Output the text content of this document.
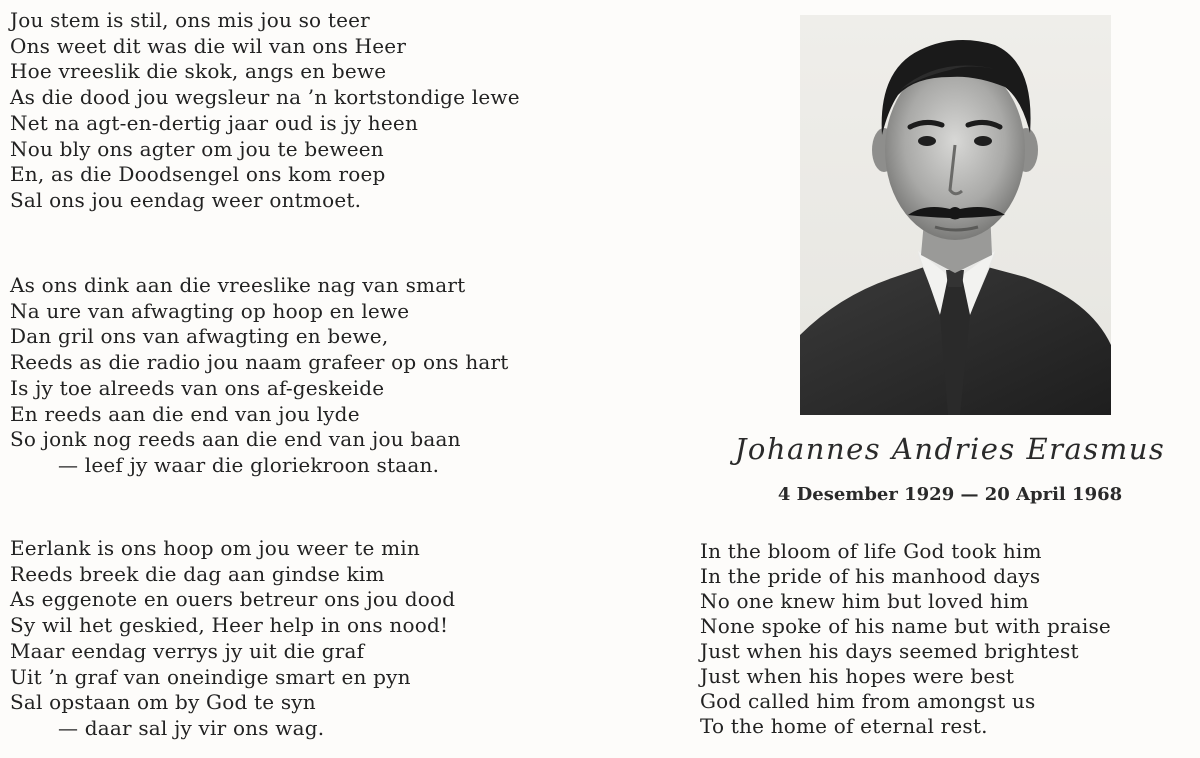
Jou stem is stil, ons mis jou so teer
Ons weet dit was die wil van ons Heer
Hoe vreeslik die skok, angs en bewe
As die dood jou wegsleur na ’n kortstondige lewe
Net na agt-en-dertig jaar oud is jy heen
Nou bly ons agter om jou te beween
En, as die Doodsengel ons kom roep
Sal ons jou eendag weer ontmoet.
As ons dink aan die vreeslike nag van smart
Na ure van afwagting op hoop en lewe
Dan gril ons van afwagting en bewe,
Reeds as die radio jou naam grafeer op ons hart
Is jy toe alreeds van ons af-geskeide
En reeds aan die end van jou lyde
So jonk nog reeds aan die end van jou baan
— leef jy waar die gloriekroon staan.
Eerlank is ons hoop om jou weer te min
Reeds breek die dag aan gindse kim
As eggenote en ouers betreur ons jou dood
Sy wil het geskied, Heer help in ons nood!
Maar eendag verrys jy uit die graf
Uit ’n graf van oneindige smart en pyn
Sal opstaan om by God te syn
— daar sal jy vir ons wag.
Johannes Andries Erasmus
4 Desember 1929 — 20 April 1968
In the bloom of life God took him
In the pride of his manhood days
No one knew him but loved him
None spoke of his name but with praise
Just when his days seemed brightest
Just when his hopes were best
God called him from amongst us
To the home of eternal rest.
